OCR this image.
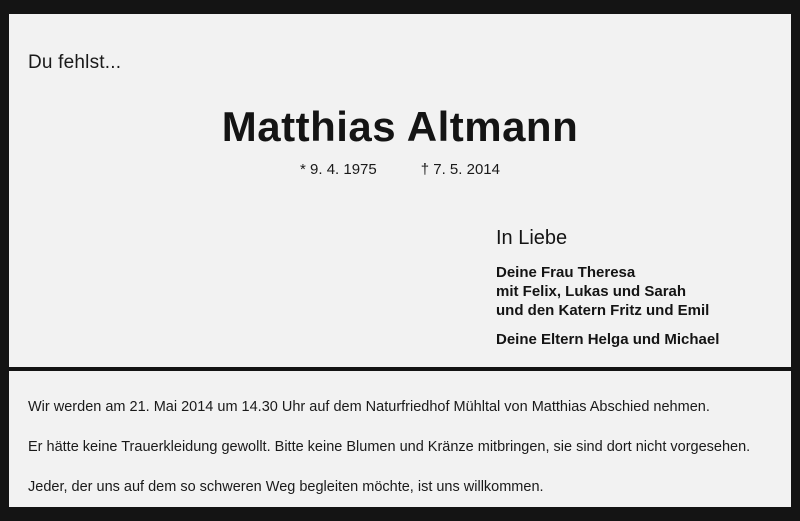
Du fehlst...
Matthias Altmann
* 9. 4. 1975	† 7. 5. 2014
In Liebe
Deine Frau Theresa
mit Felix, Lukas und Sarah
und den Katern Fritz und Emil
Deine Eltern Helga und Michael

Wir werden am 21. Mai 2014 um 14.30 Uhr auf dem Naturfriedhof Mühltal von Matthias Abschied nehmen.

Er hätte keine Trauerkleidung gewollt. Bitte keine Blumen und Kränze mitbringen, sie sind dort nicht vorgesehen.

Jeder, der uns auf dem so schweren Weg begleiten möchte, ist uns willkommen.
